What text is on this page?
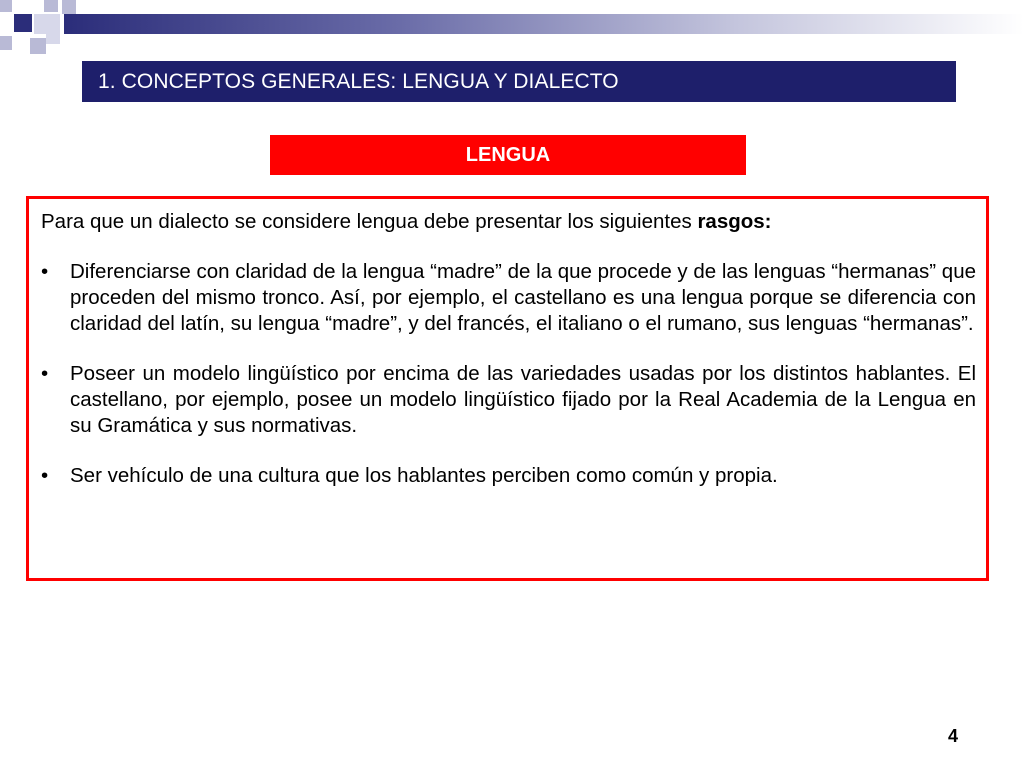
1. CONCEPTOS GENERALES: LENGUA Y DIALECTO
LENGUA

Para que un dialecto se considere lengua debe presentar los siguientes rasgos:

• Diferenciarse con claridad de la lengua “madre” de la que procede y de las lenguas “hermanas” que proceden del mismo tronco. Así, por ejemplo, el castellano es una lengua porque se diferencia con claridad del latín, su lengua “madre”, y del francés, el italiano o el rumano, sus lenguas “hermanas”.

• Poseer un modelo lingüístico por encima de las variedades usadas por los distintos hablantes. El castellano, por ejemplo, posee un modelo lingüístico fijado por la Real Academia de la Lengua en su Gramática y sus normativas.

• Ser vehículo de una cultura que los hablantes perciben como común y propia.

4
